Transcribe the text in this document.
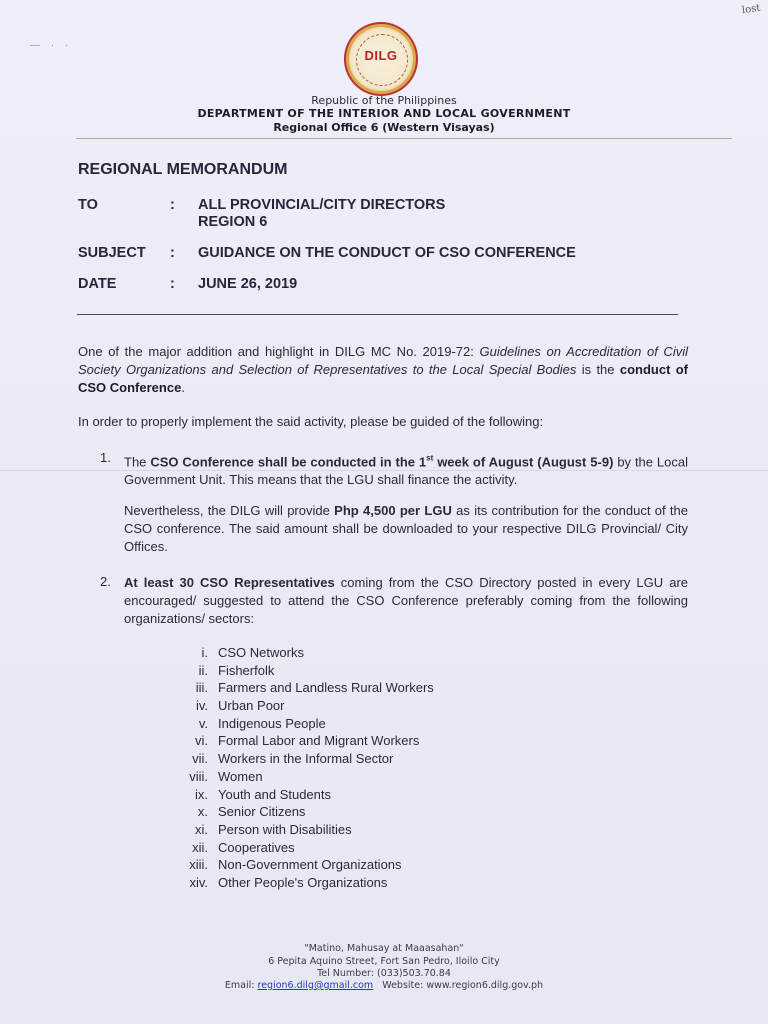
— · ·
lost
DILG
Republic of the Philippines
DEPARTMENT OF THE INTERIOR AND LOCAL GOVERNMENT
Regional Office 6 (Western Visayas)
REGIONAL MEMORANDUM
TO	: ALL PROVINCIAL/CITY DIRECTORS
REGION 6
SUBJECT : GUIDANCE ON THE CONDUCT OF CSO CONFERENCE
DATE	: JUNE 26, 2019
One of the major addition and highlight in DILG MC No. 2019-72: Guidelines on Accreditation of Civil Society Organizations and Selection of Representatives to the Local Special Bodies is the conduct of CSO Conference.
In order to properly implement the said activity, please be guided of the following:
1. The CSO Conference shall be conducted in the 1st week of August (August 5-9) by the Local Government Unit. This means that the LGU shall finance the activity.
Nevertheless, the DILG will provide Php 4,500 per LGU as its contribution for the conduct of the CSO conference. The said amount shall be downloaded to your respective DILG Provincial/ City Offices.
2. At least 30 CSO Representatives coming from the CSO Directory posted in every LGU are encouraged/ suggested to attend the CSO Conference preferably coming from the following organizations/ sectors:
i. CSO Networks
ii. Fisherfolk
iii. Farmers and Landless Rural Workers
iv. Urban Poor
v. Indigenous People
vi. Formal Labor and Migrant Workers
vii. Workers in the Informal Sector
viii. Women
ix. Youth and Students
x. Senior Citizens
xi. Person with Disabilities
xii. Cooperatives
xiii. Non-Government Organizations
xiv. Other People's Organizations
"Matino, Mahusay at Maaasahan"
6 Pepita Aquino Street, Fort San Pedro, Iloilo City
Tel Number: (033)503.70.84
Email: region6.dilg@gmail.com Website: www.region6.dilg.gov.ph
